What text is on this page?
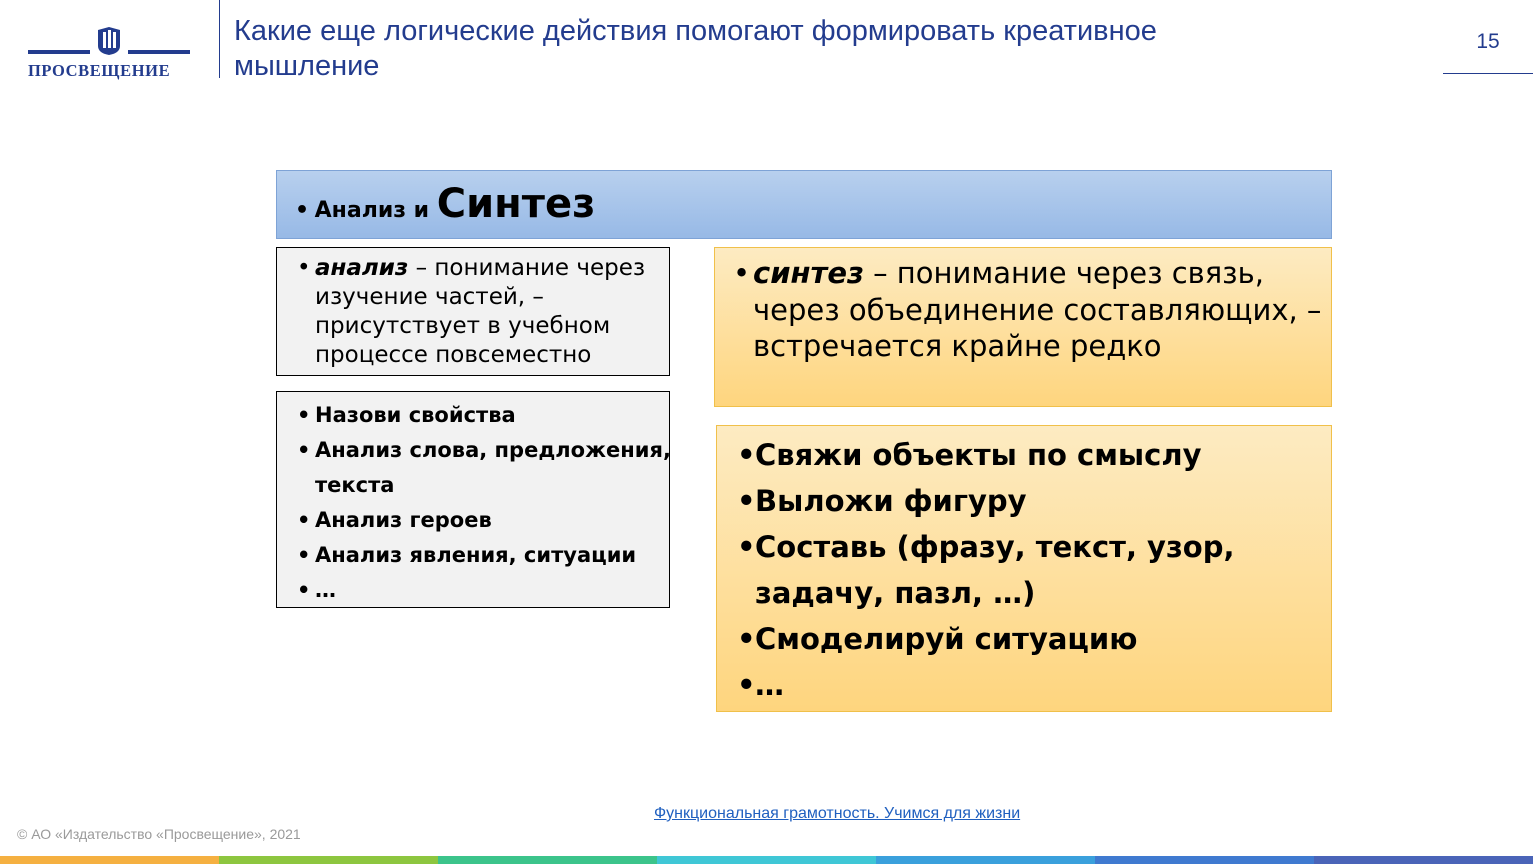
ПРОСВЕЩЕНИЕ
Какие еще логические действия помогают формировать креативное мышление
15
• Анализ и Синтез
• анализ – понимание через изучение частей, – присутствует в учебном процессе повсеместно
• Назови свойства
• Анализ слова, предложения, текста
• Анализ героев
• Анализ явления, ситуации
• …
• синтез – понимание через связь, через объединение составляющих, – встречается крайне редко
• Свяжи объекты по смыслу
• Выложи фигуру
• Составь (фразу, текст, узор, задачу, пазл, …)
• Смоделируй ситуацию
• …
Функциональная грамотность. Учимся для жизни
© АО «Издательство «Просвещение», 2021
